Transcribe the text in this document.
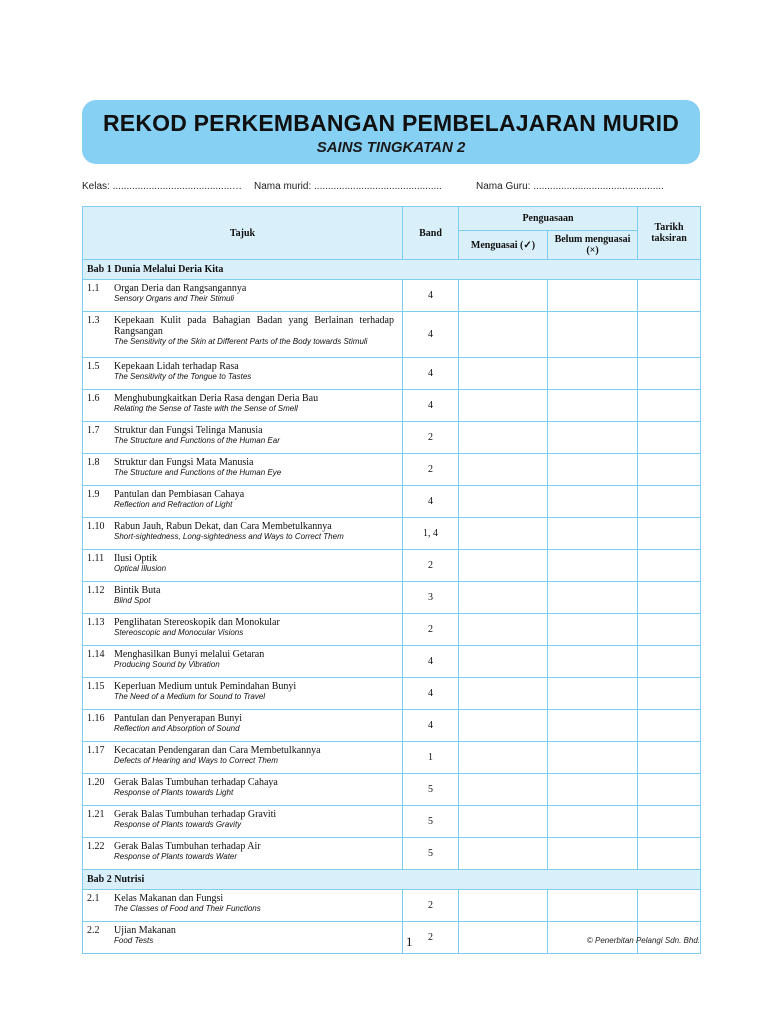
REKOD PERKEMBANGAN PEMBELAJARAN MURID
SAINS TINGKATAN 2
Kelas: ...........................................… Nama murid: ..............................................	Nama Guru: ...............................................
Tajuk	Band	Penguasaan		Tarikh taksiran
		Menguasai (✓)	Belum menguasai (×)	
Bab 1 Dunia Melalui Deria Kita				
1.1 Organ Deria dan Rangsangannya
Sensory Organs and Their Stimuli	4			
1.3 Kepekaan Kulit pada Bahagian Badan yang Berlainan terhadap Rangsangan
The Sensitivity of the Skin at Different Parts of the Body towards Stimuli	4			
1.5 Kepekaan Lidah terhadap Rasa
The Sensitivity of the Tongue to Tastes	4			
1.6 Menghubungkaitkan Deria Rasa dengan Deria Bau
Relating the Sense of Taste with the Sense of Smell	4			
1.7 Struktur dan Fungsi Telinga Manusia
The Structure and Functions of the Human Ear	2			
1.8 Struktur dan Fungsi Mata Manusia
The Structure and Functions of the Human Eye	2			
1.9 Pantulan dan Pembiasan Cahaya
Reflection and Refraction of Light	4			
1.10 Rabun Jauh, Rabun Dekat, dan Cara Membetulkannya
Short-sightedness, Long-sightedness and Ways to Correct Them	1, 4			
1.11 Ilusi Optik
Optical Illusion	2			
1.12 Bintik Buta
Blind Spot	3			
1.13 Penglihatan Stereoskopik dan Monokular
Stereoscopic and Monocular Visions	2			
1.14 Menghasilkan Bunyi melalui Getaran
Producing Sound by Vibration	4			
1.15 Keperluan Medium untuk Pemindahan Bunyi
The Need of a Medium for Sound to Travel	4			
1.16 Pantulan dan Penyerapan Bunyi
Reflection and Absorption of Sound	4			
1.17 Kecacatan Pendengaran dan Cara Membetulkannya
Defects of Hearing and Ways to Correct Them	1			
1.20 Gerak Balas Tumbuhan terhadap Cahaya
Response of Plants towards Light	5			
1.21 Gerak Balas Tumbuhan terhadap Graviti
Response of Plants towards Gravity	5			
1.22 Gerak Balas Tumbuhan terhadap Air
Response of Plants towards Water	5			
Bab 2 Nutrisi				
2.1 Kelas Makanan dan Fungsi
The Classes of Food and Their Functions	2			
2.2 Ujian Makanan
Food Tests	2			
1	© Penerbitan Pelangi Sdn. Bhd.
